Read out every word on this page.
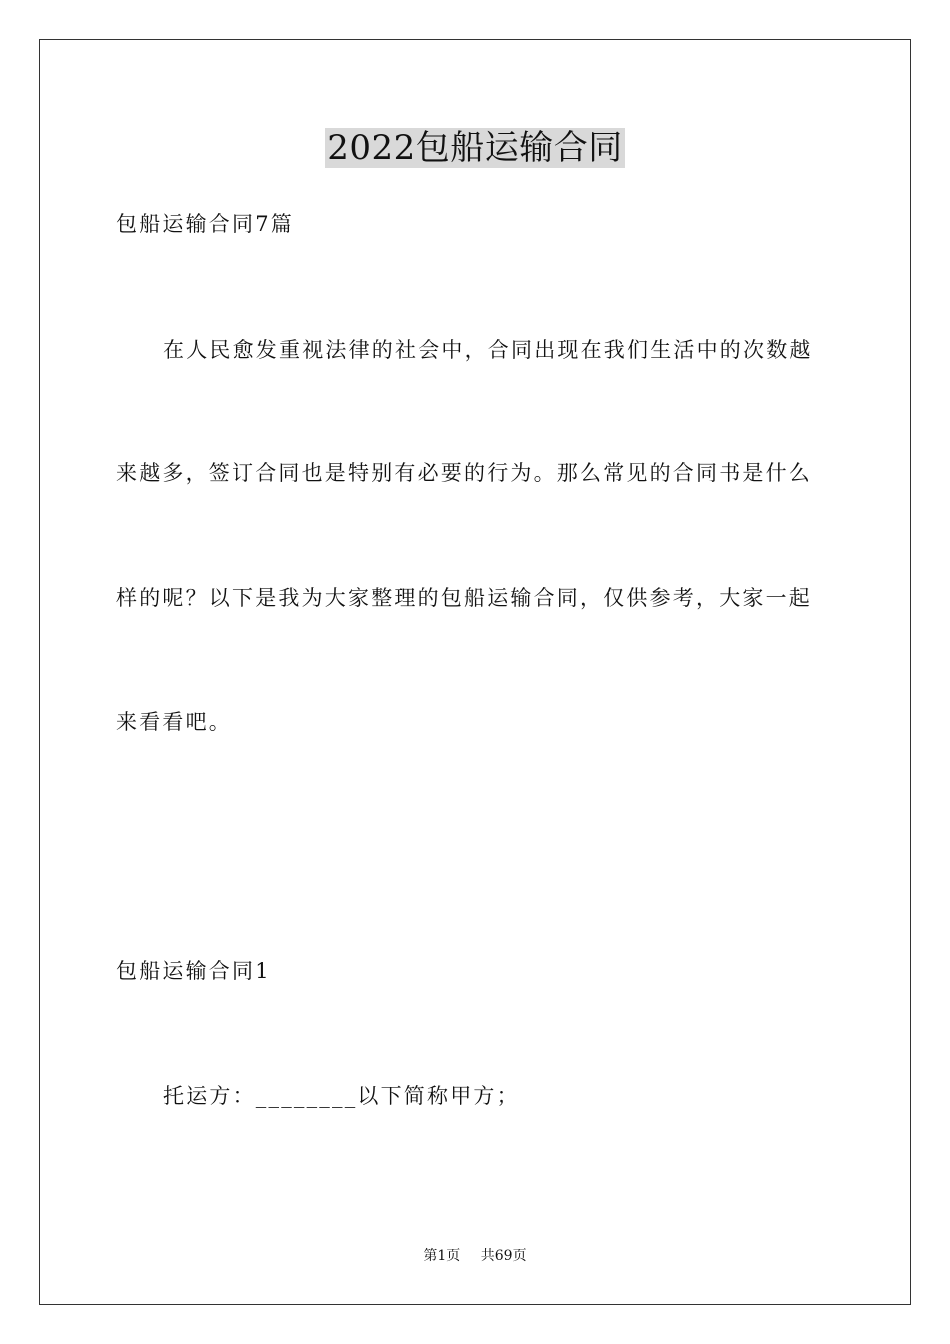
2022包船运输合同
包船运输合同7篇
在人民愈发重视法律的社会中，合同出现在我们生活中的次数越
来越多，签订合同也是特别有必要的行为。那么常见的合同书是什么
样的呢？以下是我为大家整理的包船运输合同，仅供参考，大家一起
来看看吧。
包船运输合同1
托运方：________以下简称甲方；
第1页 共69页
